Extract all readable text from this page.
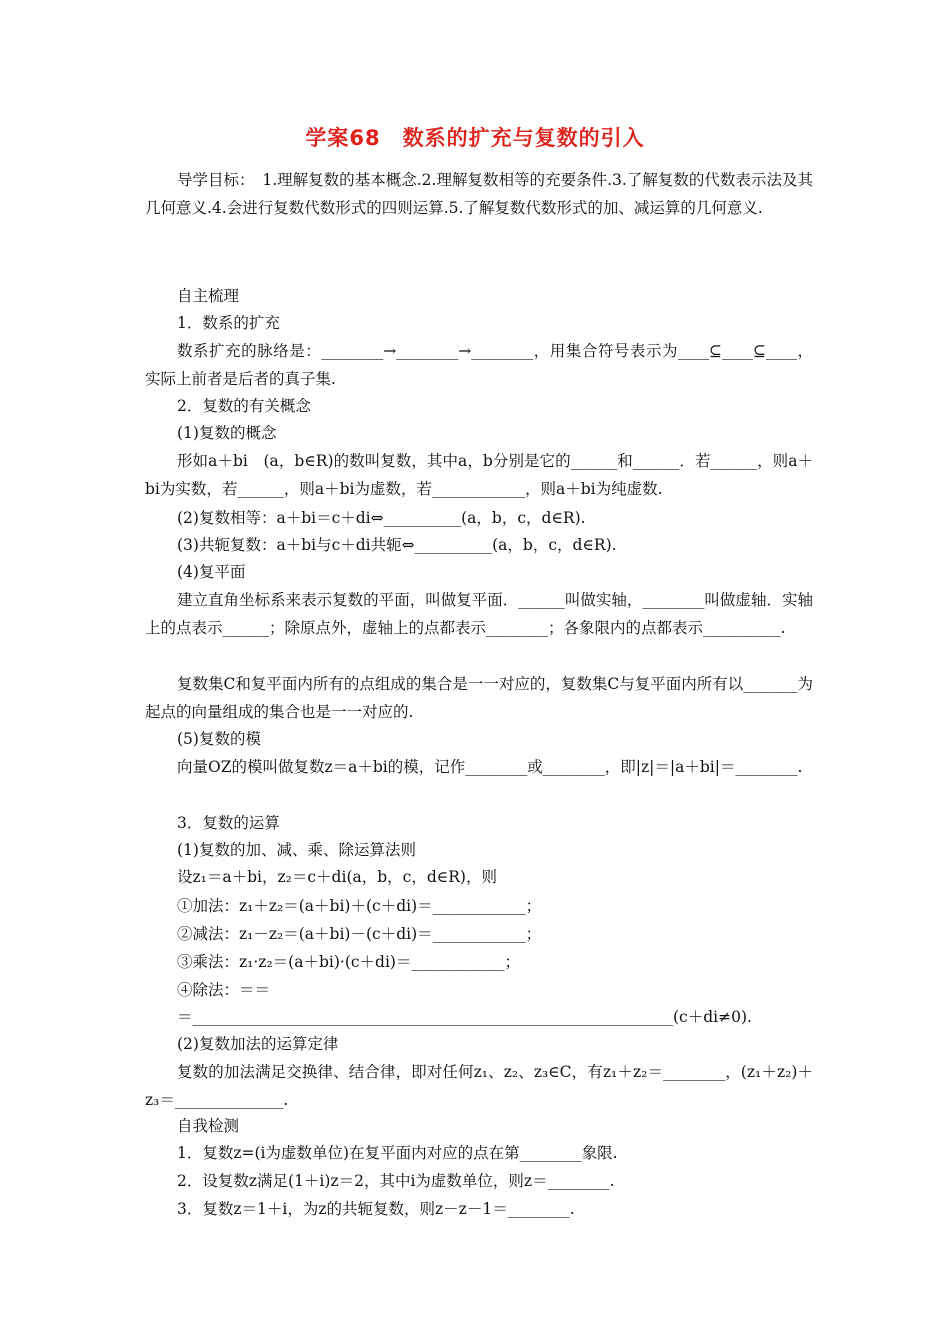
学案68　数系的扩充与复数的引入
导学目标：　1.理解复数的基本概念.2.理解复数相等的充要条件.3.了解复数的代数表示法及其几何意义.4.会进行复数代数形式的四则运算.5.了解复数代数形式的加、减运算的几何意义.
自主梳理
1．数系的扩充
数系扩充的脉络是：________→________→________，用集合符号表示为____⊆____⊆____，实际上前者是后者的真子集.
2．复数的有关概念
(1)复数的概念
形如a＋bi　(a，b∈R)的数叫复数，其中a，b分别是它的______和______．若______，则a＋bi为实数，若______，则a＋bi为虚数，若____________，则a＋bi为纯虚数.
(2)复数相等：a＋bi＝c＋di⇔__________(a，b，c，d∈R).
(3)共轭复数：a＋bi与c＋di共轭⇔__________(a，b，c，d∈R).
(4)复平面
建立直角坐标系来表示复数的平面，叫做复平面．______叫做实轴，________叫做虚轴．实轴上的点表示______；除原点外，虚轴上的点都表示________；各象限内的点都表示__________.
复数集C和复平面内所有的点组成的集合是一一对应的，复数集C与复平面内所有以_______为起点的向量组成的集合也是一一对应的.
(5)复数的模
向量OZ的模叫做复数z＝a＋bi的模，记作________或________，即|z|＝|a＋bi|＝________.
3．复数的运算
(1)复数的加、减、乘、除运算法则
设z₁＝a＋bi，z₂＝c＋di(a，b，c，d∈R)，则
①加法：z₁＋z₂＝(a＋bi)＋(c＋di)＝____________；
②减法：z₁－z₂＝(a＋bi)－(c＋di)＝____________；
③乘法：z₁·z₂＝(a＋bi)·(c＋di)＝____________；
④除法：＝＝
＝______________________________________________________________(c＋di≠0).
(2)复数加法的运算定律
复数的加法满足交换律、结合律，即对任何z₁、z₂、z₃∈C，有z₁＋z₂＝________，(z₁＋z₂)＋z₃＝______________.
自我检测
1．复数z=(i为虚数单位)在复平面内对应的点在第________象限.
2．设复数z满足(1＋i)z＝2，其中i为虚数单位，则z＝________.
3．复数z＝1＋i，为z的共轭复数，则z－z－1＝________.
